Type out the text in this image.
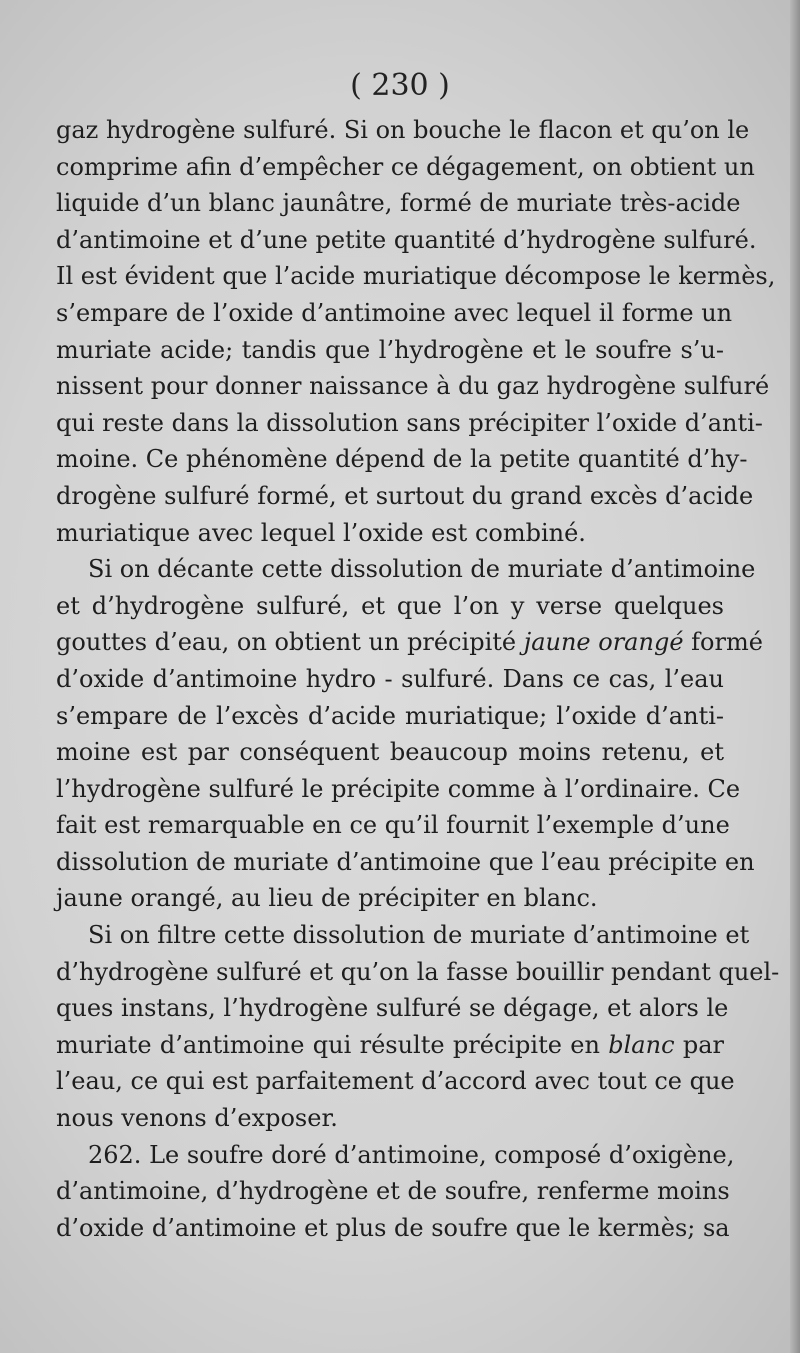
( 230 )

gaz hydrogène sulfuré. Si on bouche le flacon et qu’on le
comprime afin d’empêcher ce dégagement, on obtient un
liquide d’un blanc jaunâtre, formé de muriate très-acide
d’antimoine et d’une petite quantité d’hydrogène sulfuré.
Il est évident que l’acide muriatique décompose le kermès,
s’empare de l’oxide d’antimoine avec lequel il forme un
muriate acide; tandis que l’hydrogène et le soufre s’u-
nissent pour donner naissance à du gaz hydrogène sulfuré
qui reste dans la dissolution sans précipiter l’oxide d’anti-
moine. Ce phénomène dépend de la petite quantité d’hy-
drogène sulfuré formé, et surtout du grand excès d’acide
muriatique avec lequel l’oxide est combiné.

Si on décante cette dissolution de muriate d’antimoine
et d’hydrogène sulfuré, et que l’on y verse quelques
gouttes d’eau, on obtient un précipité jaune orangé formé
d’oxide d’antimoine hydro - sulfuré. Dans ce cas, l’eau
s’empare de l’excès d’acide muriatique; l’oxide d’anti-
moine est par conséquent beaucoup moins retenu, et
l’hydrogène sulfuré le précipite comme à l’ordinaire. Ce
fait est remarquable en ce qu’il fournit l’exemple d’une
dissolution de muriate d’antimoine que l’eau précipite en
jaune orangé, au lieu de précipiter en blanc.

Si on filtre cette dissolution de muriate d’antimoine et
d’hydrogène sulfuré et qu’on la fasse bouillir pendant quel-
ques instans, l’hydrogène sulfuré se dégage, et alors le
muriate d’antimoine qui résulte précipite en blanc par
l’eau, ce qui est parfaitement d’accord avec tout ce que
nous venons d’exposer.

262. Le soufre doré d’antimoine, composé d’oxigène,
d’antimoine, d’hydrogène et de soufre, renferme moins
d’oxide d’antimoine et plus de soufre que le kermès; sa
